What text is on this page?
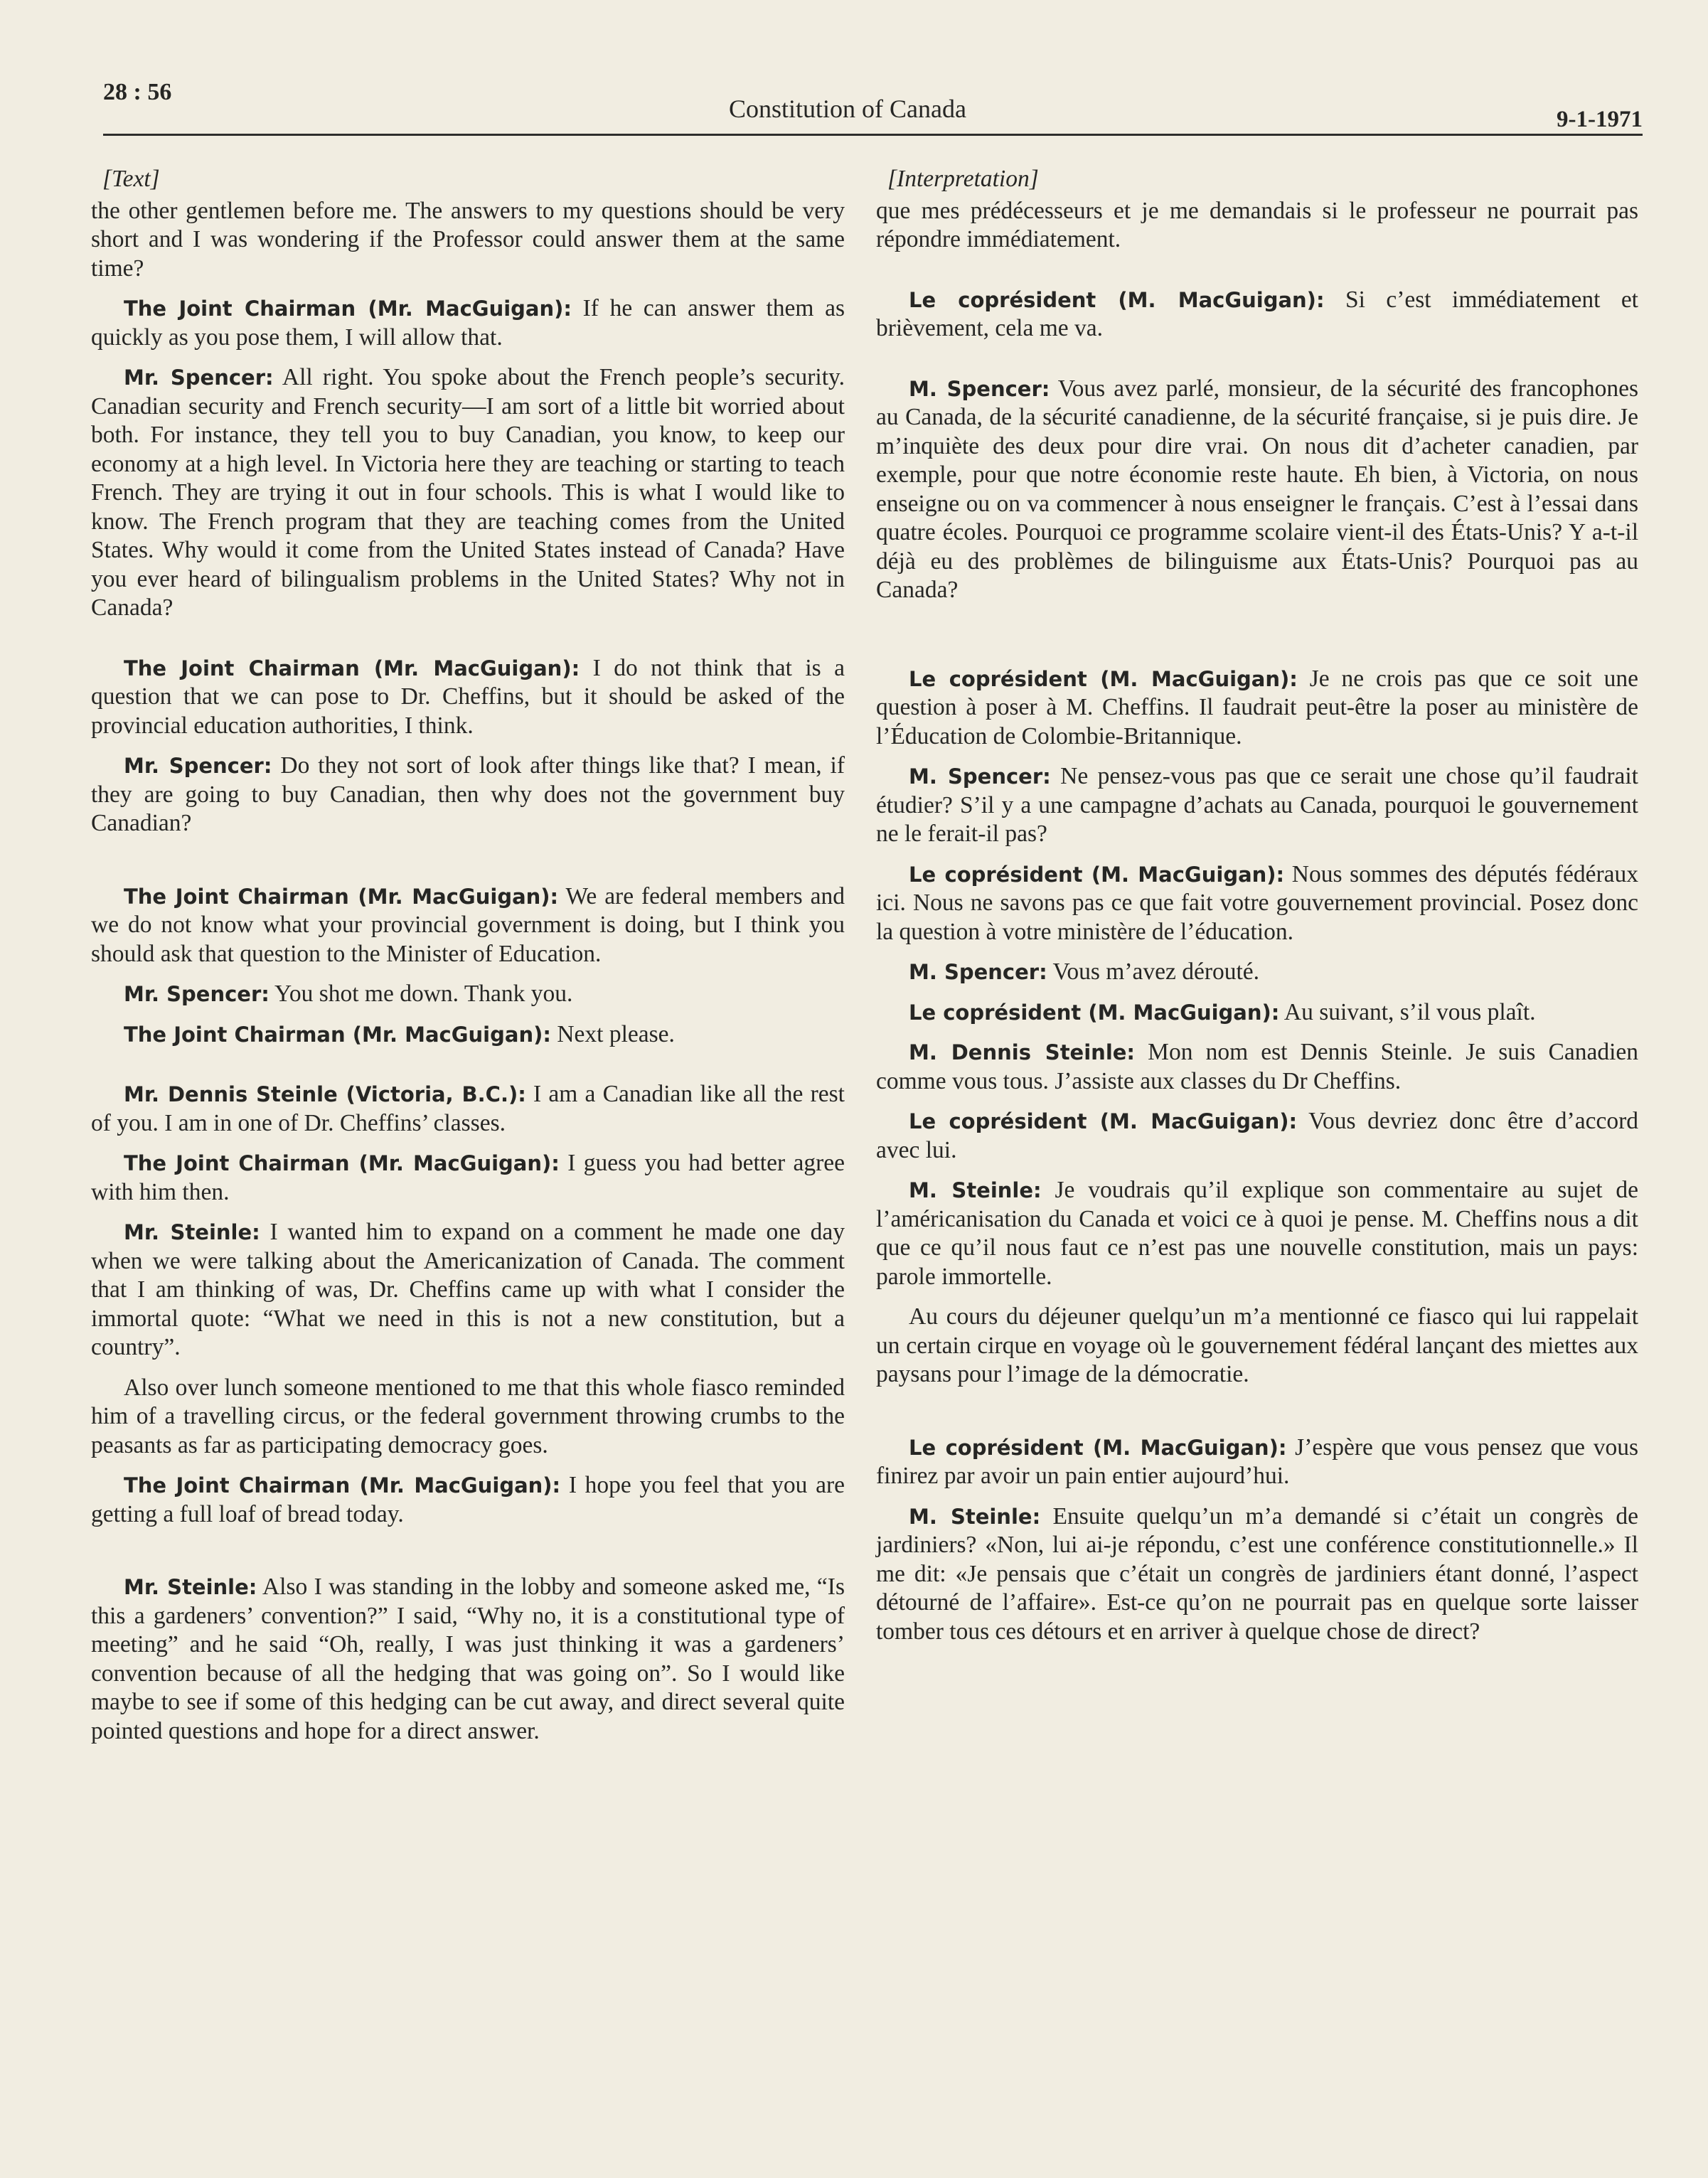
28 : 56
Constitution of Canada	9-1-1971
[Text]

the other gentlemen before me. The answers to my questions should be very short and I was wondering if the Professor could answer them at the same time?

The Joint Chairman (Mr. MacGuigan): If he can answer them as quickly as you pose them, I will allow that.

Mr. Spencer: All right. You spoke about the French people’s security. Canadian security and French security—I am sort of a little bit worried about both. For instance, they tell you to buy Canadian, you know, to keep our economy at a high level. In Victoria here they are teaching or starting to teach French. They are trying it out in four schools. This is what I would like to know. The French program that they are teaching comes from the United States. Why would it come from the United States instead of Canada? Have you ever heard of bilingualism problems in the United States? Why not in Canada?

The Joint Chairman (Mr. MacGuigan): I do not think that is a question that we can pose to Dr. Cheffins, but it should be asked of the provincial education authorities, I think.

Mr. Spencer: Do they not sort of look after things like that? I mean, if they are going to buy Canadian, then why does not the government buy Canadian?

The Joint Chairman (Mr. MacGuigan): We are federal members and we do not know what your provincial government is doing, but I think you should ask that question to the Minister of Education.

Mr. Spencer: You shot me down. Thank you.

The Joint Chairman (Mr. MacGuigan): Next please.

Mr. Dennis Steinle (Victoria, B.C.): I am a Canadian like all the rest of you. I am in one of Dr. Cheffins’ classes.

The Joint Chairman (Mr. MacGuigan): I guess you had better agree with him then.

Mr. Steinle: I wanted him to expand on a comment he made one day when we were talking about the Americanization of Canada. The comment that I am thinking of was, Dr. Cheffins came up with what I consider the immortal quote: “What we need in this is not a new constitution, but a country”.

Also over lunch someone mentioned to me that this whole fiasco reminded him of a travelling circus, or the federal government throwing crumbs to the peasants as far as participating democracy goes.

The Joint Chairman (Mr. MacGuigan): I hope you feel that you are getting a full loaf of bread today.

Mr. Steinle: Also I was standing in the lobby and someone asked me, “Is this a gardeners’ convention?” I said, “Why no, it is a constitutional type of meeting” and he said “Oh, really, I was just thinking it was a gardeners’ convention because of all the hedging that was going on”. So I would like maybe to see if some of this hedging can be cut away, and direct several quite pointed questions and hope for a direct answer.

[Interpretation]

que mes prédécesseurs et je me demandais si le professeur ne pourrait pas répondre immédiatement.

Le coprésident (M. MacGuigan): Si c’est immédiatement et brièvement, cela me va.

M. Spencer: Vous avez parlé, monsieur, de la sécurité des francophones au Canada, de la sécurité canadienne, de la sécurité française, si je puis dire. Je m’inquiète des deux pour dire vrai. On nous dit d’acheter canadien, par exemple, pour que notre économie reste haute. Eh bien, à Victoria, on nous enseigne ou on va commencer à nous enseigner le français. C’est à l’essai dans quatre écoles. Pourquoi ce programme scolaire vient-il des États-Unis? Y a-t-il déjà eu des problèmes de bilinguisme aux États-Unis? Pourquoi pas au Canada?

Le coprésident (M. MacGuigan): Je ne crois pas que ce soit une question à poser à M. Cheffins. Il faudrait peut-être la poser au ministère de l’Éducation de Colombie-Britannique.

M. Spencer: Ne pensez-vous pas que ce serait une chose qu’il faudrait étudier? S’il y a une campagne d’achats au Canada, pourquoi le gouvernement ne le ferait-il pas?

Le coprésident (M. MacGuigan): Nous sommes des députés fédéraux ici. Nous ne savons pas ce que fait votre gouvernement provincial. Posez donc la question à votre ministère de l’éducation.

M. Spencer: Vous m’avez dérouté.

Le coprésident (M. MacGuigan): Au suivant, s’il vous plaît.

M. Dennis Steinle: Mon nom est Dennis Steinle. Je suis Canadien comme vous tous. J’assiste aux classes du Dr Cheffins.

Le coprésident (M. MacGuigan): Vous devriez donc être d’accord avec lui.

M. Steinle: Je voudrais qu’il explique son commentaire au sujet de l’américanisation du Canada et voici ce à quoi je pense. M. Cheffins nous a dit que ce qu’il nous faut ce n’est pas une nouvelle constitution, mais un pays: parole immortelle.

Au cours du déjeuner quelqu’un m’a mentionné ce fiasco qui lui rappelait un certain cirque en voyage où le gouvernement fédéral lançant des miettes aux paysans pour l’image de la démocratie.

Le coprésident (M. MacGuigan): J’espère que vous pensez que vous finirez par avoir un pain entier aujourd’hui.

M. Steinle: Ensuite quelqu’un m’a demandé si c’était un congrès de jardiniers? «Non, lui ai-je répondu, c’est une conférence constitutionnelle.» Il me dit: «Je pensais que c’était un congrès de jardiniers étant donné, l’aspect détourné de l’affaire». Est-ce qu’on ne pourrait pas en quelque sorte laisser tomber tous ces détours et en arriver à quelque chose de direct?
